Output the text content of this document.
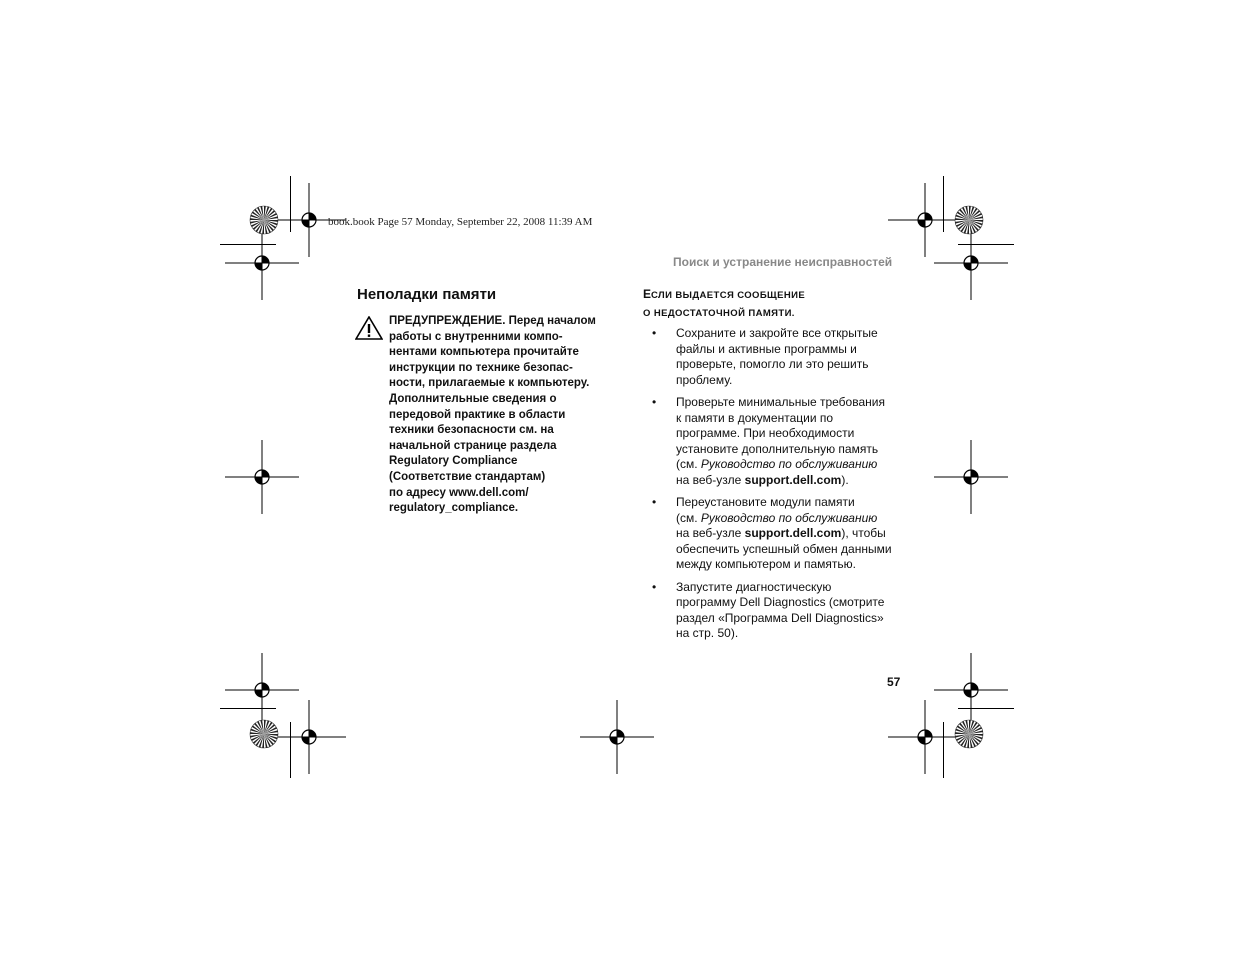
book.book Page 57 Monday, September 22, 2008 11:39 AM
Поиск и устранение неисправностей
Неполадки памяти

ПРЕДУПРЕЖДЕНИЕ. Перед началом

работы с внутренними компо-

нентами компьютера прочитайте

инструкции по технике безопас-

ности, прилагаемые к компьютеру.

Дополнительные сведения о

передовой практике в области

техники безопасности см. на

начальной странице раздела

Regulatory Compliance

(Соответствие стандартам)

по адресу www.dell.com/

regulatory_compliance.

ЕСЛИ ВЫДАЕТСЯ СООБЩЕНИЕ
О НЕДОСТАТОЧНОЙ ПАМЯТИ.
• Сохраните и закройте все открытые

файлы и активные программы и

проверьте, помогло ли это решить

проблему.

• Проверьте минимальные требования

к памяти в документации по

программе. При необходимости

установите дополнительную память

(см. Руководство по обслуживанию

на веб-узле support.dell.com).

• Переустановите модули памяти

(см. Руководство по обслуживанию

на веб-узле support.dell.com), чтобы

обеспечить успешный обмен данными

между компьютером и памятью.

• Запустите диагностическую

программу Dell Diagnostics (смотрите

раздел «Программа Dell Diagnostics»

на стр. 50).

57
